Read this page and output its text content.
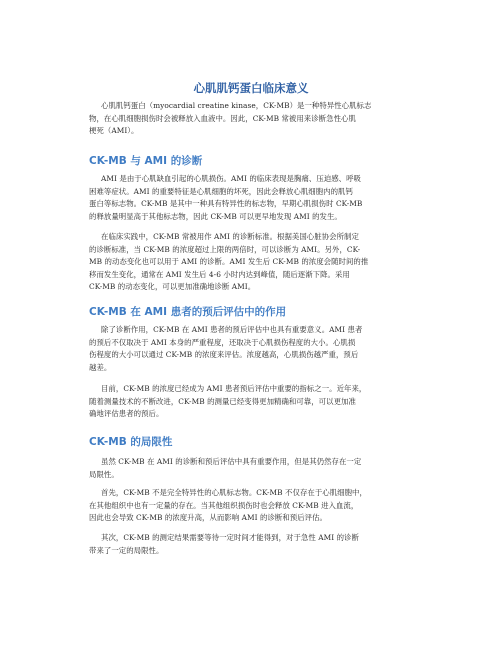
心肌肌钙蛋白临床意义
心肌肌钙蛋白（myocardial creatine kinase，CK-MB）是一种特异性心肌标志
物，在心肌细胞损伤时会被释放入血液中。因此，CK-MB 常被用来诊断急性心肌
梗死（AMI）。
CK-MB 与 AMI 的诊断
AMI 是由于心肌缺血引起的心肌损伤。AMI 的临床表现是胸痛、压迫感、呼吸
困难等症状。AMI 的重要特征是心肌细胞的坏死，因此会释放心肌细胞内的肌钙
蛋白等标志物。CK-MB 是其中一种具有特异性的标志物，早期心肌损伤时 CK-MB
的释放量明显高于其他标志物，因此 CK-MB 可以更早地发现 AMI 的发生。
在临床实践中，CK-MB 常被用作 AMI 的诊断标准。根据美国心脏协会所制定
的诊断标准，当 CK-MB 的浓度超过上限的两倍时，可以诊断为 AMI。另外，CK-
MB 的动态变化也可以用于 AMI 的诊断。AMI 发生后 CK-MB 的浓度会随时间的推
移而发生变化，通常在 AMI 发生后 4-6 小时内达到峰值，随后逐渐下降。采用
CK-MB 的动态变化，可以更加准确地诊断 AMI。
CK-MB 在 AMI 患者的预后评估中的作用
除了诊断作用，CK-MB 在 AMI 患者的预后评估中也具有重要意义。AMI 患者
的预后不仅取决于 AMI 本身的严重程度，还取决于心肌损伤程度的大小。心肌损
伤程度的大小可以通过 CK-MB 的浓度来评估。浓度越高，心肌损伤越严重，预后
越差。
目前，CK-MB 的浓度已经成为 AMI 患者预后评估中重要的指标之一。近年来，
随着测量技术的不断改进，CK-MB 的测量已经变得更加精确和可靠，可以更加准
确地评估患者的预后。
CK-MB 的局限性
虽然 CK-MB 在 AMI 的诊断和预后评估中具有重要作用，但是其仍然存在一定
局限性。
首先，CK-MB 不是完全特异性的心肌标志物。CK-MB 不仅存在于心肌细胞中，
在其他组织中也有一定量的存在。当其他组织损伤时也会释放 CK-MB 进入血流，
因此也会导致 CK-MB 的浓度升高，从而影响 AMI 的诊断和预后评估。
其次，CK-MB 的测定结果需要等待一定时间才能得到，对于急性 AMI 的诊断
带来了一定的局限性。
